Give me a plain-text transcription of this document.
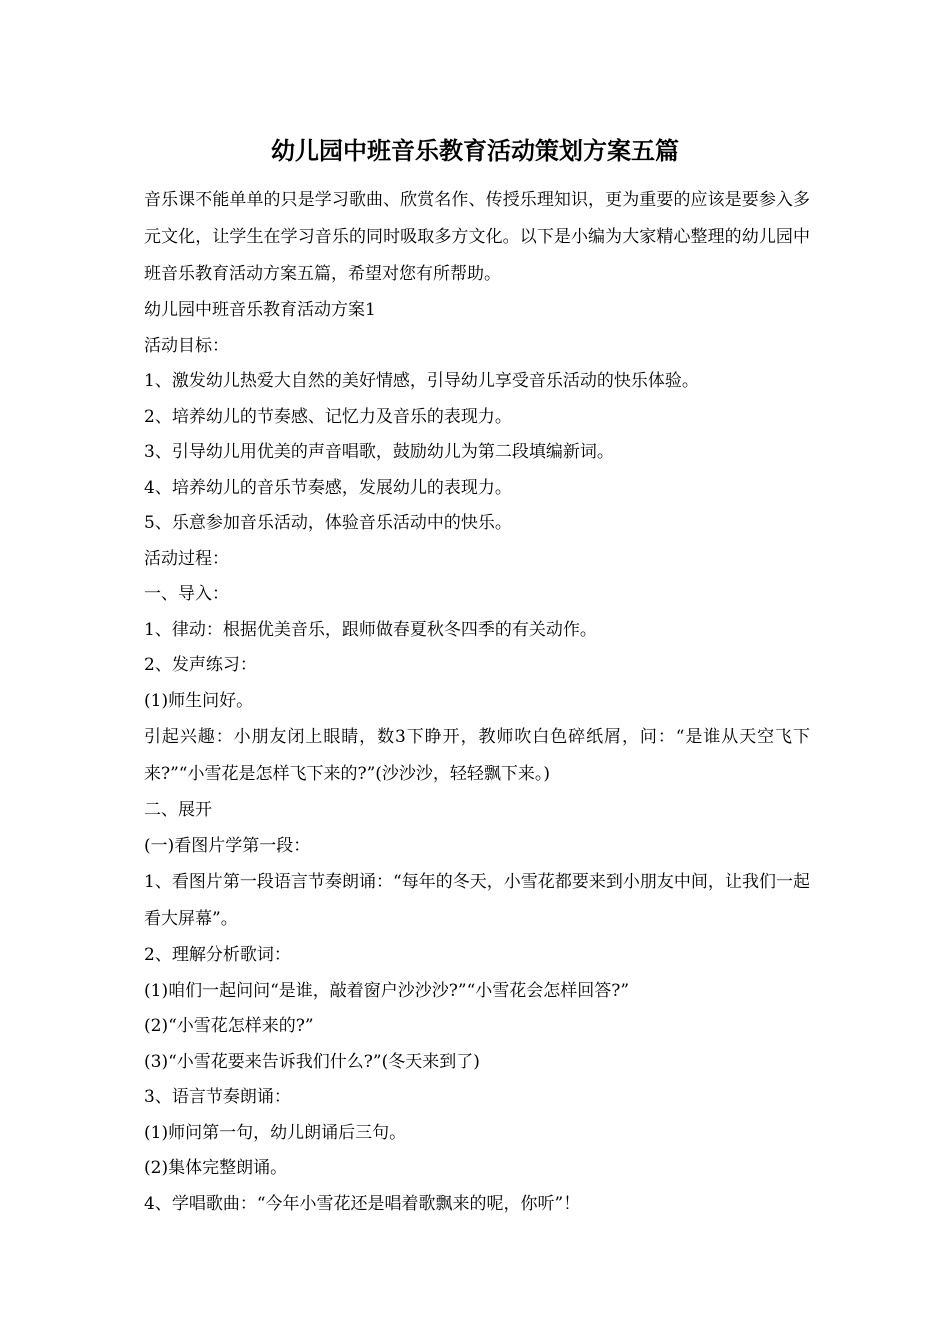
幼儿园中班音乐教育活动策划方案五篇
音乐课不能单单的只是学习歌曲、欣赏名作、传授乐理知识，更为重要的应该是要参入多元文化，让学生在学习音乐的同时吸取多方文化。以下是小编为大家精心整理的幼儿园中班音乐教育活动方案五篇，希望对您有所帮助。
幼儿园中班音乐教育活动方案1
活动目标：
1、激发幼儿热爱大自然的美好情感，引导幼儿享受音乐活动的快乐体验。
2、培养幼儿的节奏感、记忆力及音乐的表现力。
3、引导幼儿用优美的声音唱歌，鼓励幼儿为第二段填编新词。
4、培养幼儿的音乐节奏感，发展幼儿的表现力。
5、乐意参加音乐活动，体验音乐活动中的快乐。
活动过程：
一、导入：
1、律动：根据优美音乐，跟师做春夏秋冬四季的有关动作。
2、发声练习：
(1)师生问好。
引起兴趣：小朋友闭上眼睛，数3下睁开，教师吹白色碎纸屑，问：“是谁从天空飞下来?”“小雪花是怎样飞下来的?”(沙沙沙，轻轻飘下来。)
二、展开
(一)看图片学第一段：
1、看图片第一段语言节奏朗诵：“每年的冬天，小雪花都要来到小朋友中间，让我们一起看大屏幕”。
2、理解分析歌词：
(1)咱们一起问问“是谁，敲着窗户沙沙沙?”“小雪花会怎样回答?”
(2)“小雪花怎样来的?”
(3)“小雪花要来告诉我们什么?”(冬天来到了)
3、语言节奏朗诵：
(1)师问第一句，幼儿朗诵后三句。
(2)集体完整朗诵。
4、学唱歌曲：“今年小雪花还是唱着歌飘来的呢，你听”！
